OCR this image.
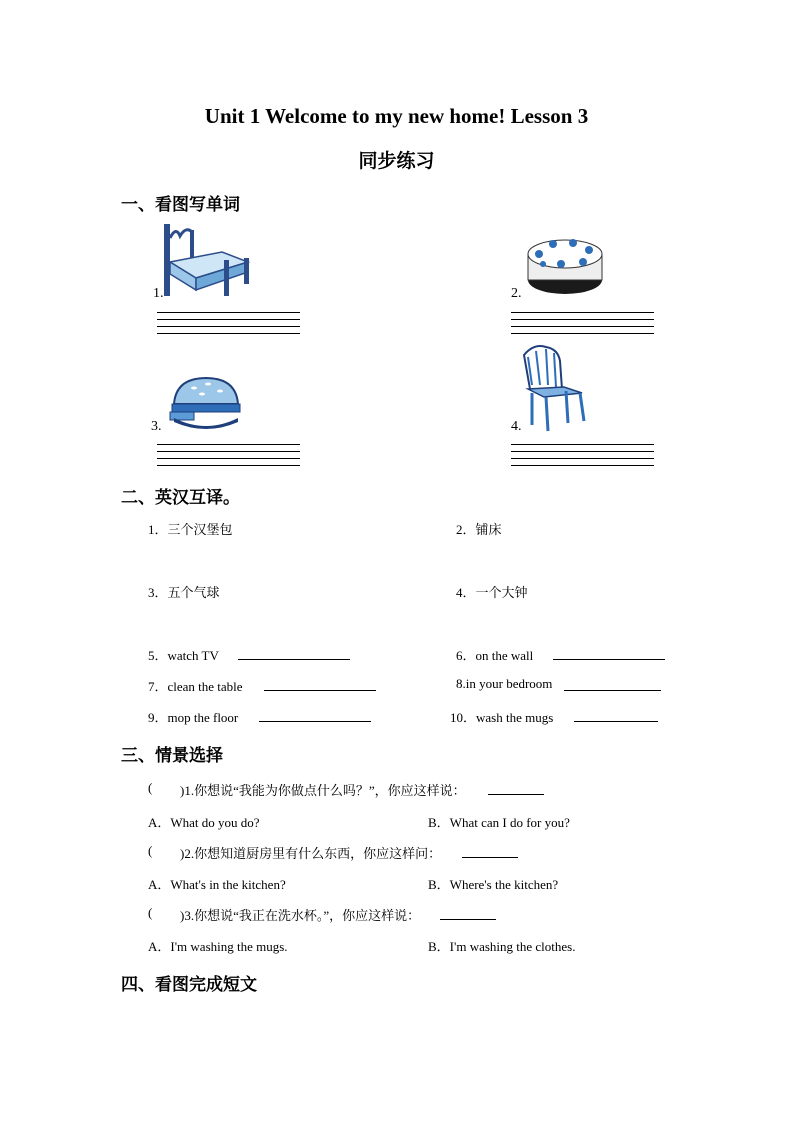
Unit 1 Welcome to my new home! Lesson 3
同步练习
一、看图写单词
1.	2.
3.	4.
二、英汉互译。
1．三个汉堡包	2．铺床
3．五个气球	4．一个大钟
5．watch TV	6．on the wall
7．clean the table	8.in your bedroom
9．mop the floor	10．wash the mugs
三、情景选择
( )1.你想说“我能为你做点什么吗？”，你应这样说：
A．What do you do?	B．What can I do for you?
( )2.你想知道厨房里有什么东西，你应这样问：
A．What's in the kitchen?	B．Where's the kitchen?
( )3.你想说“我正在洗水杯。”，你应这样说：
A．I'm washing the mugs.	B．I'm washing the clothes.
四、看图完成短文
